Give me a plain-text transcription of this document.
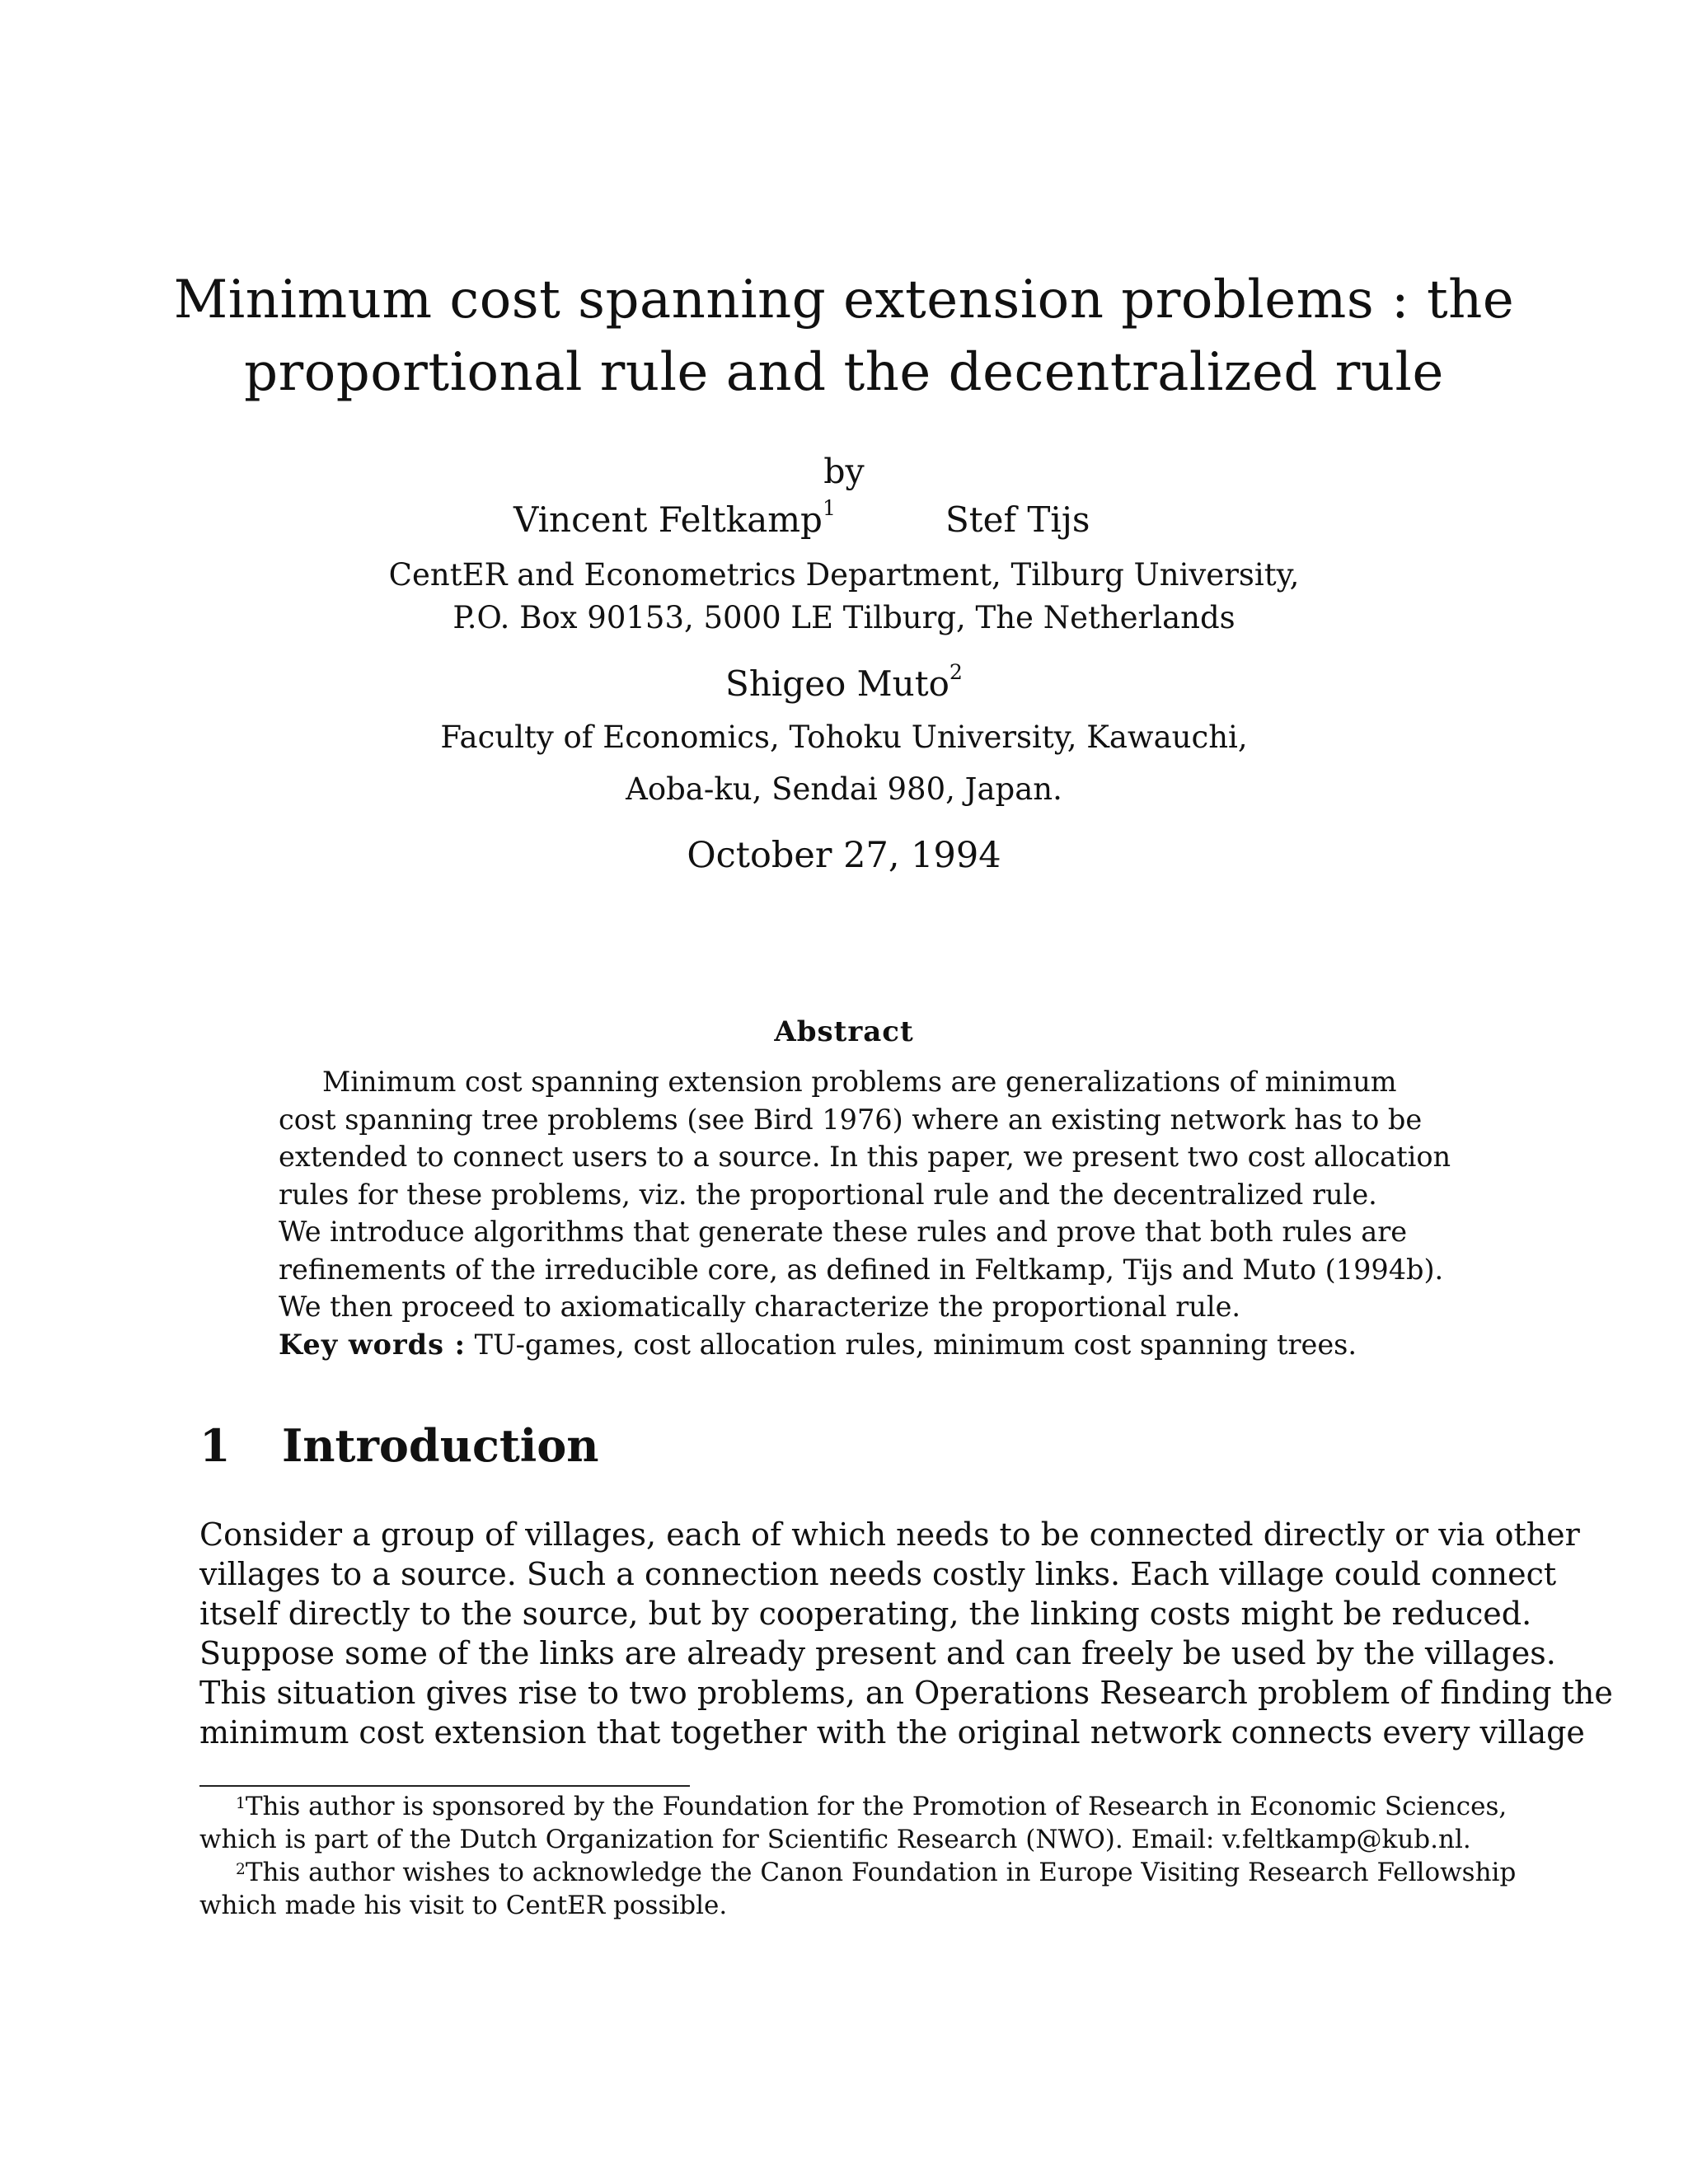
Minimum cost spanning extension problems : the
proportional rule and the decentralized rule
by
Vincent Feltkamp$^1$	Stef Tijs
CentER and Econometrics Department, Tilburg University,
P.O. Box 90153, 5000 LE Tilburg, The Netherlands
Shigeo Muto$^2$
Faculty of Economics, Tohoku University, Kawauchi,
Aoba-ku, Sendai 980, Japan.
October 27, 1994
Abstract
Minimum cost spanning extension problems are generalizations of minimum
cost spanning tree problems (see Bird 1976) where an existing network has to be
extended to connect users to a source. In this paper, we present two cost allocation
rules for these problems, viz. the proportional rule and the decentralized rule.
We introduce algorithms that generate these rules and prove that both rules are
refinements of the irreducible core, as defined in Feltkamp, Tijs and Muto (1994b).
We then proceed to axiomatically characterize the proportional rule.
Key words : TU-games, cost allocation rules, minimum cost spanning trees.
1 Introduction
Consider a group of villages, each of which needs to be connected directly or via other
villages to a source. Such a connection needs costly links. Each village could connect
itself directly to the source, but by cooperating, the linking costs might be reduced.
Suppose some of the links are already present and can freely be used by the villages.
This situation gives rise to two problems, an Operations Research problem of finding the
minimum cost extension that together with the original network connects every village
$^1$This author is sponsored by the Foundation for the Promotion of Research in Economic Sciences,
which is part of the Dutch Organization for Scientific Research (NWO). Email: v.feltkamp@kub.nl.
$^2$This author wishes to acknowledge the Canon Foundation in Europe Visiting Research Fellowship
which made his visit to CentER possible.
